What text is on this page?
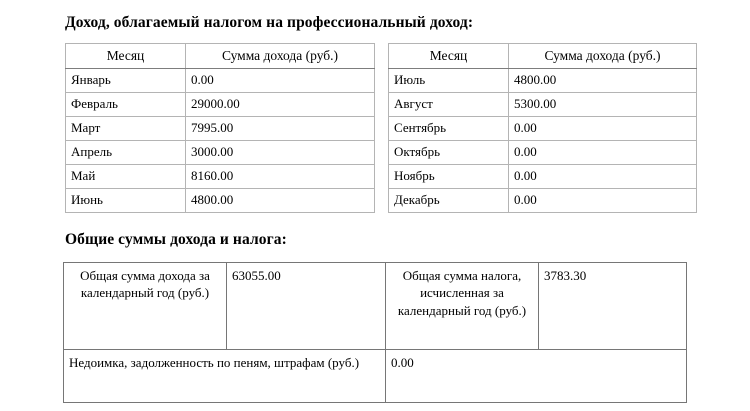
Доход, облагаемый налогом на профессиональный доход:
Месяц	Сумма дохода (руб.)
Январь	0.00
Февраль	29000.00
Март	7995.00
Апрель	3000.00
Май	8160.00
Июнь	4800.00
Месяц	Сумма дохода (руб.)
Июль	4800.00
Август	5300.00
Сентябрь	0.00
Октябрь	0.00
Ноябрь	0.00
Декабрь	0.00
Общие суммы дохода и налога:
Общая сумма дохода за календарный год (руб.)	63055.00	Общая сумма налога, исчисленная за календарный год (руб.)	3783.30
Недоимка, задолженность по пеням, штрафам (руб.)		0.00	
